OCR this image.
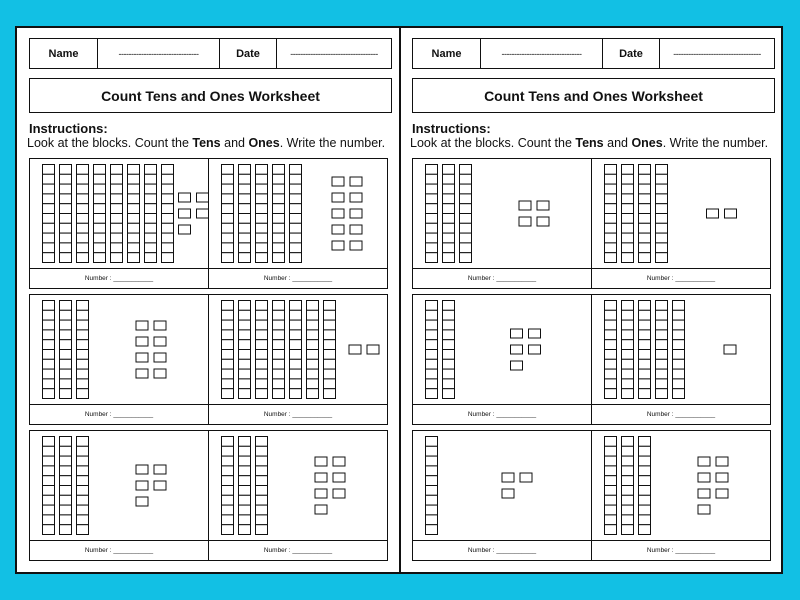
Name	--------------------------------	Date	-----------------------------------
Count Tens and Ones Worksheet
Instructions:
Look at the blocks. Count the Tens and Ones. Write the number.
Number : ___________	Number : ___________
Number : ___________	Number : ___________
Number : ___________	Number : ___________
Name	--------------------------------	Date	-----------------------------------
Count Tens and Ones Worksheet
Instructions:
Look at the blocks. Count the Tens and Ones. Write the number.
Number : ___________	Number : ___________
Number : ___________	Number : ___________
Number : ___________	Number : ___________
